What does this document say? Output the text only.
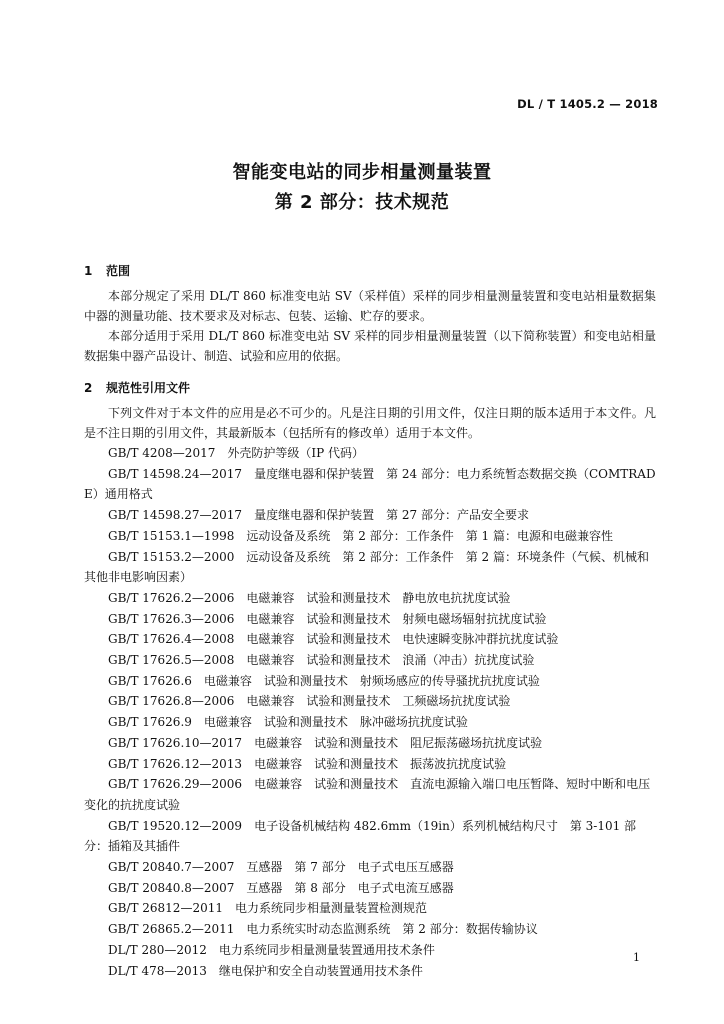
DL / T 1405.2 — 2018
智能变电站的同步相量测量装置
第 2 部分：技术规范
1 范围

本部分规定了采用 DL/T 860 标准变电站 SV（采样值）采样的同步相量测量装置和变电站相量数据集中器的测量功能、技术要求及对标志、包装、运输、贮存的要求。

本部分适用于采用 DL/T 860 标准变电站 SV 采样的同步相量测量装置（以下简称装置）和变电站相量数据集中器产品设计、制造、试验和应用的依据。

2 规范性引用文件

下列文件对于本文件的应用是必不可少的。凡是注日期的引用文件，仅注日期的版本适用于本文件。凡是不注日期的引用文件，其最新版本（包括所有的修改单）适用于本文件。

GB/T 4208—2017　外壳防护等级（IP 代码）

GB/T 14598.24—2017　量度继电器和保护装置　第 24 部分：电力系统暂态数据交换（COMTRADE）通用格式

GB/T 14598.27—2017　量度继电器和保护装置　第 27 部分：产品安全要求

GB/T 15153.1—1998　远动设备及系统　第 2 部分：工作条件　第 1 篇：电源和电磁兼容性

GB/T 15153.2—2000　远动设备及系统　第 2 部分：工作条件　第 2 篇：环境条件（气候、机械和其他非电影响因素）

GB/T 17626.2—2006　电磁兼容　试验和测量技术　静电放电抗扰度试验

GB/T 17626.3—2006　电磁兼容　试验和测量技术　射频电磁场辐射抗扰度试验

GB/T 17626.4—2008　电磁兼容　试验和测量技术　电快速瞬变脉冲群抗扰度试验

GB/T 17626.5—2008　电磁兼容　试验和测量技术　浪涌（冲击）抗扰度试验

GB/T 17626.6　电磁兼容　试验和测量技术　射频场感应的传导骚扰抗扰度试验

GB/T 17626.8—2006　电磁兼容　试验和测量技术　工频磁场抗扰度试验

GB/T 17626.9　电磁兼容　试验和测量技术　脉冲磁场抗扰度试验

GB/T 17626.10—2017　电磁兼容　试验和测量技术　阻尼振荡磁场抗扰度试验

GB/T 17626.12—2013　电磁兼容　试验和测量技术　振荡波抗扰度试验

GB/T 17626.29—2006　电磁兼容　试验和测量技术　直流电源输入端口电压暂降、短时中断和电压变化的抗扰度试验

GB/T 19520.12—2009　电子设备机械结构 482.6mm（19in）系列机械结构尺寸　第 3-101 部分：插箱及其插件

GB/T 20840.7—2007　互感器　第 7 部分　电子式电压互感器

GB/T 20840.8—2007　互感器　第 8 部分　电子式电流互感器

GB/T 26812—2011　电力系统同步相量测量装置检测规范

GB/T 26865.2—2011　电力系统实时动态监测系统　第 2 部分：数据传输协议

DL/T 280—2012　电力系统同步相量测量装置通用技术条件

DL/T 478—2013　继电保护和安全自动装置通用技术条件

1
